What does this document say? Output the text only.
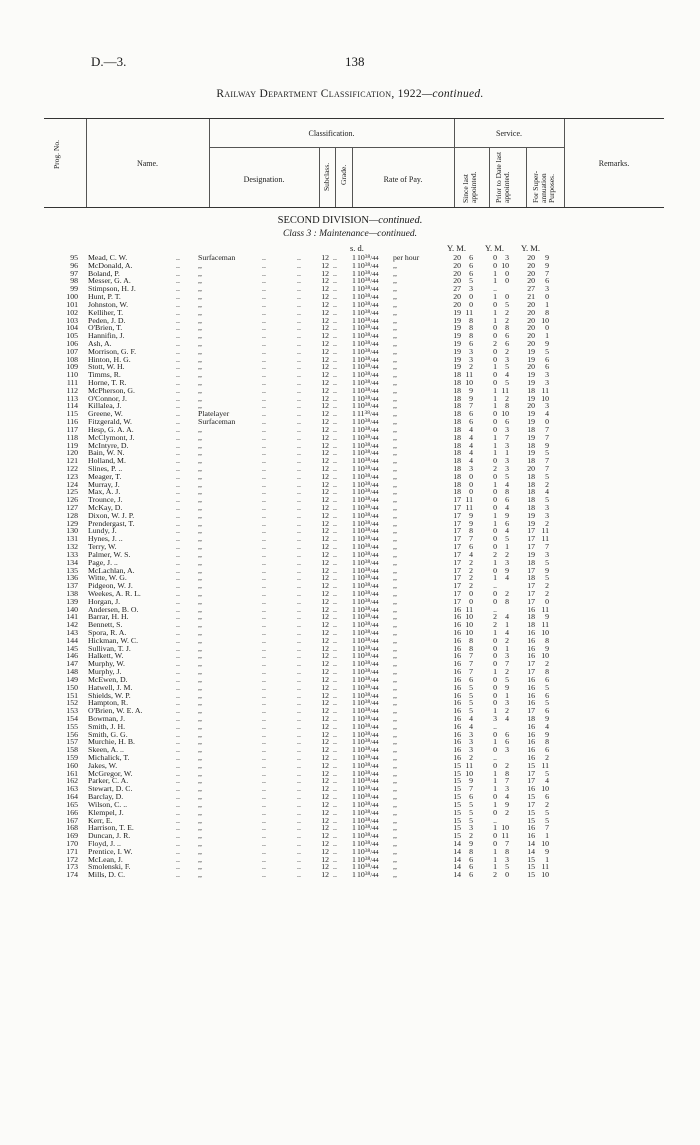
D.—3.	138
Railway Department Classification, 1922—continued.
Prog. No.	Name.
Classification.	Service.
Designation.	Subclass. Grade.	Rate of Pay.	Since last appointed. Prior to Date last appointed.	For Super-annuation Purposes.
Remarks.
SECOND DIVISION—continued.
Class 3 : Maintenance—continued.
s. d.	Y. M. Y. M. Y. M.
95 Mead, C. W.	.. Surfaceman	..	..	12 .. 1 $10^{38}/44$ per hour	20	6	0	3	20	9
96 McDonald, A.	.. ,,	..	..	12 .. 1 $10^{38}/44$ ,,	20	6	0 10	20	9
97 Boland, P.	.. ,,	..	..	12 .. 1 $10^{38}/44$ ,,	20	6	1	0	20	7
98 Messer, G. A.	.. ,,	..	..	12 .. 1 $10^{38}/44$ ,,	20	5	1	0	20	6
99 Stimpson, H. J.	.. ,,	..	..	12 .. 1 $10^{38}/44$ ,,	27	3	..	27	3
100 Hunt, P. T.	.. ,,	..	..	12 .. 1 $10^{38}/44$ ,,	20	0	1	0	21	0
101 Johnston, W.	.. ,,	..	..	12 .. 1 $10^{38}/44$ ,,	20	0	0	5	20	1
102 Kelliher, T.	.. ,,	..	..	12 .. 1 $10^{38}/44$ ,,	19 11	1	2	20	8
103 Peden, J. D.	.. ,,	..	..	12 .. 1 $10^{38}/44$ ,,	19	8	1	2	20 10
104 O'Brien, T.	.. ,,	..	..	12 .. 1 $10^{38}/44$ ,,	19	8	0	8	20	0
105 Hannifin, J.	.. ,,	..	..	12 .. 1 $10^{38}/44$ ,,	19	8	0	6	20	1
106 Ash, A.	.. ,,	..	..	12 .. 1 $10^{38}/44$ ,,	19	6	2	6	20	9
107 Morrison, G. F.	.. ,,	..	..	12 .. 1 $10^{38}/44$ ,,	19	3	0	2	19	5
108 Hinton, H. G.	.. ,,	..	..	12 .. 1 $10^{38}/44$ ,,	19	3	0	3	19	6
109 Stott, W. H.	.. ,,	..	..	12 .. 1 $10^{38}/44$ ,,	19	2	1	5	20	6
110 Timms, R.	.. ,,	..	..	12 .. 1 $10^{38}/44$ ,,	18 11	0	4	19	3
111 Horne, T. R.	.. ,,	..	..	12 .. 1 $10^{38}/44$ ,,	18 10	0	5	19	3
112 McPherson, G.	.. ,,	..	..	12 .. 1 $10^{38}/44$ ,,	18	9	1 11	18 11
113 O'Connor, J.	.. ,,	..	..	12 .. 1 $10^{38}/44$ ,,	18	9	1	2	19 10
114 Killalea, J.	.. ,,	..	..	12 .. 1 $10^{38}/44$ ,,	18	7	1	8	20	3
115 Greene, W.	.. Platelayer	..	..	12 .. 1 $11^{38}/44$ ,,	18	6	0 10	19	4
116 Fitzgerald, W.	.. Surfaceman	..	..	12 .. 1 $10^{38}/44$ ,,	18	6	0	6	19	0
117 Hesp, G. A. A.	.. ,,	..	..	12 .. 1 $10^{38}/44$ ,,	18	4	0	3	18	7
118 McClymont, J.	.. ,,	..	..	12 .. 1 $10^{38}/44$ ,,	18	4	1	7	19	7
119 McIntyre, D.	.. ,,	..	..	12 .. 1 $10^{38}/44$ ,,	18	4	1	3	18	9
120 Bain, W. N.	.. ,,	..	..	12 .. 1 $10^{38}/44$ ,,	18	4	1	1	19	5
121 Holland, M.	.. ,,	..	..	12 .. 1 $10^{38}/44$ ,,	18	4	0	3	18	7
122 Slines, P. ..	.. ,,	..	..	12 .. 1 $10^{38}/44$ ,,	18	3	2	3	20	7
123 Meager, T.	.. ,,	..	..	12 .. 1 $10^{38}/44$ ,,	18	0	0	5	18	5
124 Murray, J.	.. ,,	..	..	12 .. 1 $10^{38}/44$ ,,	18	0	1	4	18	2
125 Max, A. J.	.. ,,	..	..	12 .. 1 $10^{38}/44$ ,,	18	0	0	8	18	4
126 Trounce, J.	.. ,,	..	..	12 .. 1 $10^{38}/44$ ,,	17 11	0	6	18	5
127 McKay, D.	.. ,,	..	..	12 .. 1 $10^{38}/44$ ,,	17 11	0	4	18	3
128 Dixon, W. J. P.	.. ,,	..	..	12 .. 1 $10^{38}/44$ ,,	17	9	1	9	19	3
129 Prendergast, T.	.. ,,	..	..	12 .. 1 $10^{38}/44$ ,,	17	9	1	6	19	2
130 Lundy, J.	.. ,,	..	..	12 .. 1 $10^{38}/44$ ,,	17	8	0	4	17 11
131 Hynes, J. ..	.. ,,	..	..	12 .. 1 $10^{38}/44$ ,,	17	7	0	5	17 11
132 Terry, W.	.. ,,	..	..	12 .. 1 $10^{38}/44$ ,,	17	6	0	1	17	7
133 Palmer, W. S.	.. ,,	..	..	12 .. 1 $10^{38}/44$ ,,	17	4	2	2	19	3
134 Page, J. ..	.. ,,	..	..	12 .. 1 $10^{38}/44$ ,,	17	2	1	3	18	5
135 McLachlan, A.	.. ,,	..	..	12 .. 1 $10^{38}/44$ ,,	17	2	0	9	17	9
136 Witte, W. G.	.. ,,	..	..	12 .. 1 $10^{38}/44$ ,,	17	2	1	4	18	5
137 Pidgeon, W. J.	.. ,,	..	..	12 .. 1 $10^{38}/44$ ,,	17	2	..	17	2
138 Weekes, A. R. L.	.. ,,	..	..	12 .. 1 $10^{38}/44$ ,,	17	0	0	2	17	2
139 Horgan, J.	.. ,,	..	..	12 .. 1 $10^{38}/44$ ,,	17	0	0	8	17	0
140 Andersen, B. O.	.. ,,	..	..	12 .. 1 $10^{38}/44$ ,,	16 11	..	16 11
141 Barrar, H. H.	.. ,,	..	..	12 .. 1 $10^{38}/44$ ,,	16 10	2	4	18	9
142 Bennett, S.	.. ,,	..	..	12 .. 1 $10^{38}/44$ ,,	16 10	2	1	18 11
143 Spora, R. A.	.. ,,	..	..	12 .. 1 $10^{38}/44$ ,,	16 10	1	4	16 10
144 Hickman, W. C.	.. ,,	..	..	12 .. 1 $10^{38}/44$ ,,	16	8	0	2	16	8
145 Sullivan, T. J.	.. ,,	..	..	12 .. 1 $10^{38}/44$ ,,	16	8	0	1	16	9
146 Halkett, W.	.. ,,	..	..	12 .. 1 $10^{38}/44$ ,,	16	7	0	3	16 10
147 Murphy, W.	.. ,,	..	..	12 .. 1 $10^{38}/44$ ,,	16	7	0	7	17	2
148 Murphy, J.	.. ,,	..	..	12 .. 1 $10^{38}/44$ ,,	16	7	1	2	17	8
149 McEwen, D.	.. ,,	..	..	12 .. 1 $10^{38}/44$ ,,	16	6	0	5	16	6
150 Hatwell, J. M.	.. ,,	..	..	12 .. 1 $10^{38}/44$ ,,	16	5	0	9	16	5
151 Shields, W. P.	.. ,,	..	..	12 .. 1 $10^{38}/44$ ,,	16	5	0	1	16	6
152 Hampton, R.	.. ,,	..	..	12 .. 1 $10^{38}/44$ ,,	16	5	0	3	16	5
153 O'Brien, W. E. A.	.. ,,	..	..	12 .. 1 $10^{38}/44$ ,,	16	5	1	2	17	6
154 Bowman, J.	.. ,,	..	..	12 .. 1 $10^{38}/44$ ,,	16	4	3	4	18	9
155 Smith, J. H.	.. ,,	..	..	12 .. 1 $10^{38}/44$ ,,	16	4	..	16	4
156 Smith, G. G.	.. ,,	..	..	12 .. 1 $10^{38}/44$ ,,	16	3	0	6	16	9
157 Murchie, H. B.	.. ,,	..	..	12 .. 1 $10^{38}/44$ ,,	16	3	1	6	16	8
158 Skeen, A. ..	.. ,,	..	..	12 .. 1 $10^{38}/44$ ,,	16	3	0	3	16	6
159 Michalick, T.	.. ,,	..	..	12 .. 1 $10^{38}/44$ ,,	16	2	..	16	2
160 Jakes, W.	.. ,,	..	..	12 .. 1 $10^{38}/44$ ,,	15 11	0	2	15 11
161 McGregor, W.	.. ,,	..	..	12 .. 1 $10^{38}/44$ ,,	15 10	1	8	17	5
162 Parker, C. A.	.. ,,	..	..	12 .. 1 $10^{38}/44$ ,,	15	9	1	7	17	4
163 Stewart, D. C.	.. ,,	..	..	12 .. 1 $10^{38}/44$ ,,	15	7	1	3	16 10
164 Barclay, D.	.. ,,	..	..	12 .. 1 $10^{38}/44$ ,,	15	6	0	4	15	6
165 Wilson, C. ..	.. ,,	..	..	12 .. 1 $10^{38}/44$ ,,	15	5	1	9	17	2
166 Klempel, J.	.. ,,	..	..	12 .. 1 $10^{38}/44$ ,,	15	5	0	2	15	5
167 Kerr, E.	.. ,,	..	..	12 .. 1 $10^{38}/44$ ,,	15	5	..	15	5
168 Harrison, T. E.	.. ,,	..	..	12 .. 1 $10^{38}/44$ ,,	15	3	1 10	16	7
169 Duncan, J. R.	.. ,,	..	..	12 .. 1 $10^{38}/44$ ,,	15	2	0 11	16	1
170 Floyd, J. ..	.. ,,	..	..	12 .. 1 $10^{38}/44$ ,,	14	9	0	7	14 10
171 Prentice, I. W.	.. ,,	..	..	12 .. 1 $10^{38}/44$ ,,	14	8	1	8	14	9
172 McLean, J.	.. ,,	..	..	12 .. 1 $10^{38}/44$ ,,	14	6	1	3	15	1
173 Smolenski, F.	.. ,,	..	..	12 .. 1 $10^{38}/44$ ,,	14	6	1	5	15 11
174 Mills, D. C.	.. ,,	..	..	12 .. 1 $10^{38}/44$ ,,	14	6	2	0	15 10
